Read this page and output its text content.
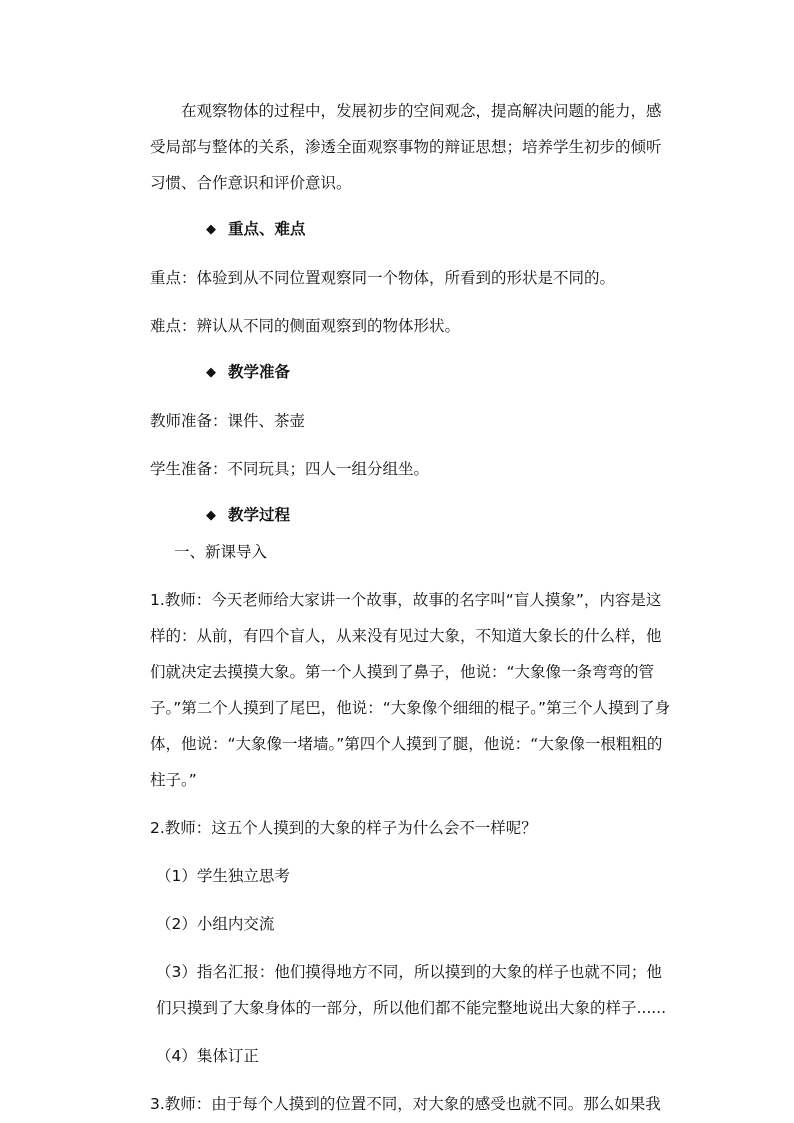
在观察物体的过程中，发展初步的空间观念，提高解决问题的能力，感受局部与整体的关系，渗透全面观察事物的辩证思想；培养学生初步的倾听习惯、合作意识和评价意识。

◆ 重点、难点

重点：体验到从不同位置观察同一个物体，所看到的形状是不同的。

难点：辨认从不同的侧面观察到的物体形状。

◆ 教学准备

教师准备：课件、茶壶

学生准备：不同玩具；四人一组分组坐。

◆ 教学过程

一、新课导入

1.教师：今天老师给大家讲一个故事，故事的名字叫“盲人摸象”，内容是这样的：从前，有四个盲人，从来没有见过大象，不知道大象长的什么样，他们就决定去摸摸大象。第一个人摸到了鼻子，他说：“大象像一条弯弯的管子。”第二个人摸到了尾巴，他说：“大象像个细细的棍子。”第三个人摸到了身体，他说：“大象像一堵墙。”第四个人摸到了腿，他说：“大象像一根粗粗的柱子。”

2.教师：这五个人摸到的大象的样子为什么会不一样呢？

（1）学生独立思考

（2）小组内交流

（3）指名汇报：他们摸得地方不同，所以摸到的大象的样子也就不同；他们只摸到了大象身体的一部分，所以他们都不能完整地说出大象的样子......

（4）集体订正

3.教师：由于每个人摸到的位置不同，对大象的感受也就不同。那么如果我
